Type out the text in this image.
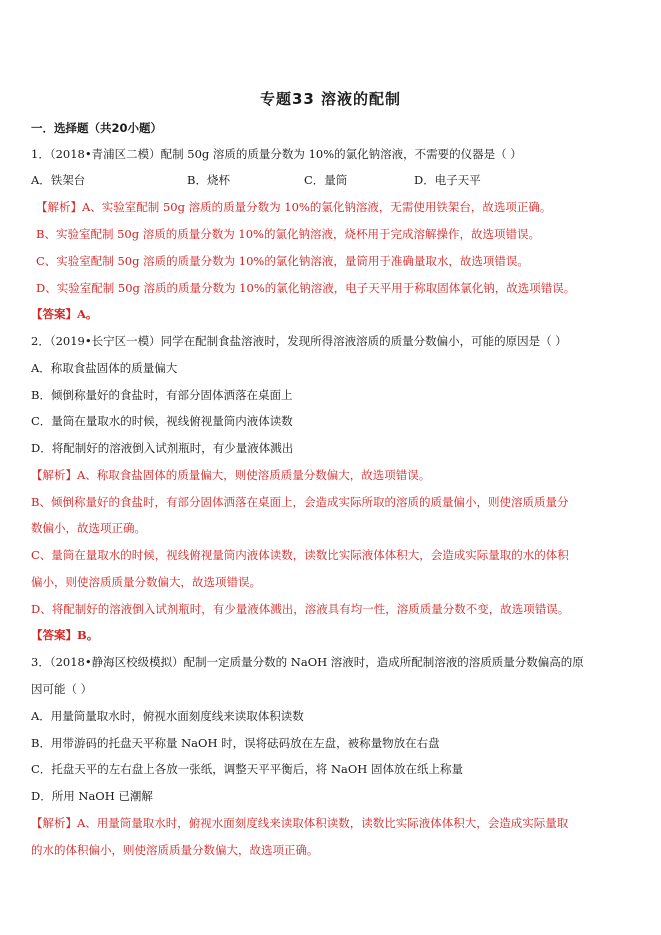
专题33 溶液的配制
一．选择题（共20小题）
1．（2018•青浦区二模）配制 50g 溶质的质量分数为 10%的氯化钠溶液，不需要的仪器是（ ）
A．铁架台	B．烧杯	C．量筒	D．电子天平
【解析】A、实验室配制 50g 溶质的质量分数为 10%的氯化钠溶液，无需使用铁架台，故选项正确。
B、实验室配制 50g 溶质的质量分数为 10%的氯化钠溶液，烧杯用于完成溶解操作，故选项错误。
C、实验室配制 50g 溶质的质量分数为 10%的氯化钠溶液，量筒用于准确量取水，故选项错误。
D、实验室配制 50g 溶质的质量分数为 10%的氯化钠溶液，电子天平用于称取固体氯化钠，故选项错误。
【答案】A。
2．（2019•长宁区一模）同学在配制食盐溶液时，发现所得溶液溶质的质量分数偏小，可能的原因是（ ）
A．称取食盐固体的质量偏大
B．倾倒称量好的食盐时，有部分固体洒落在桌面上
C．量筒在量取水的时候，视线俯视量筒内液体读数
D．将配制好的溶液倒入试剂瓶时，有少量液体溅出
【解析】A、称取食盐固体的质量偏大，则使溶质质量分数偏大，故选项错误。
B、倾倒称量好的食盐时，有部分固体洒落在桌面上，会造成实际所取的溶质的质量偏小，则使溶质质量分
数偏小，故选项正确。
C、量筒在量取水的时候，视线俯视量筒内液体读数，读数比实际液体体积大，会造成实际量取的水的体积
偏小，则使溶质质量分数偏大，故选项错误。
D、将配制好的溶液倒入试剂瓶时，有少量液体溅出，溶液具有均一性，溶质质量分数不变，故选项错误。
【答案】B。
3．（2018•静海区校级模拟）配制一定质量分数的 NaOH 溶液时，造成所配制溶液的溶质质量分数偏高的原
因可能（ ）
A．用量筒量取水时，俯视水面刻度线来读取体积读数
B．用带游码的托盘天平称量 NaOH 时，误将砝码放在左盘，被称量物放在右盘
C．托盘天平的左右盘上各放一张纸，调整天平平衡后，将 NaOH 固体放在纸上称量
D．所用 NaOH 已潮解
【解析】A、用量筒量取水时，俯视水面刻度线来读取体积读数，读数比实际液体体积大，会造成实际量取
的水的体积偏小，则使溶质质量分数偏大，故选项正确。
